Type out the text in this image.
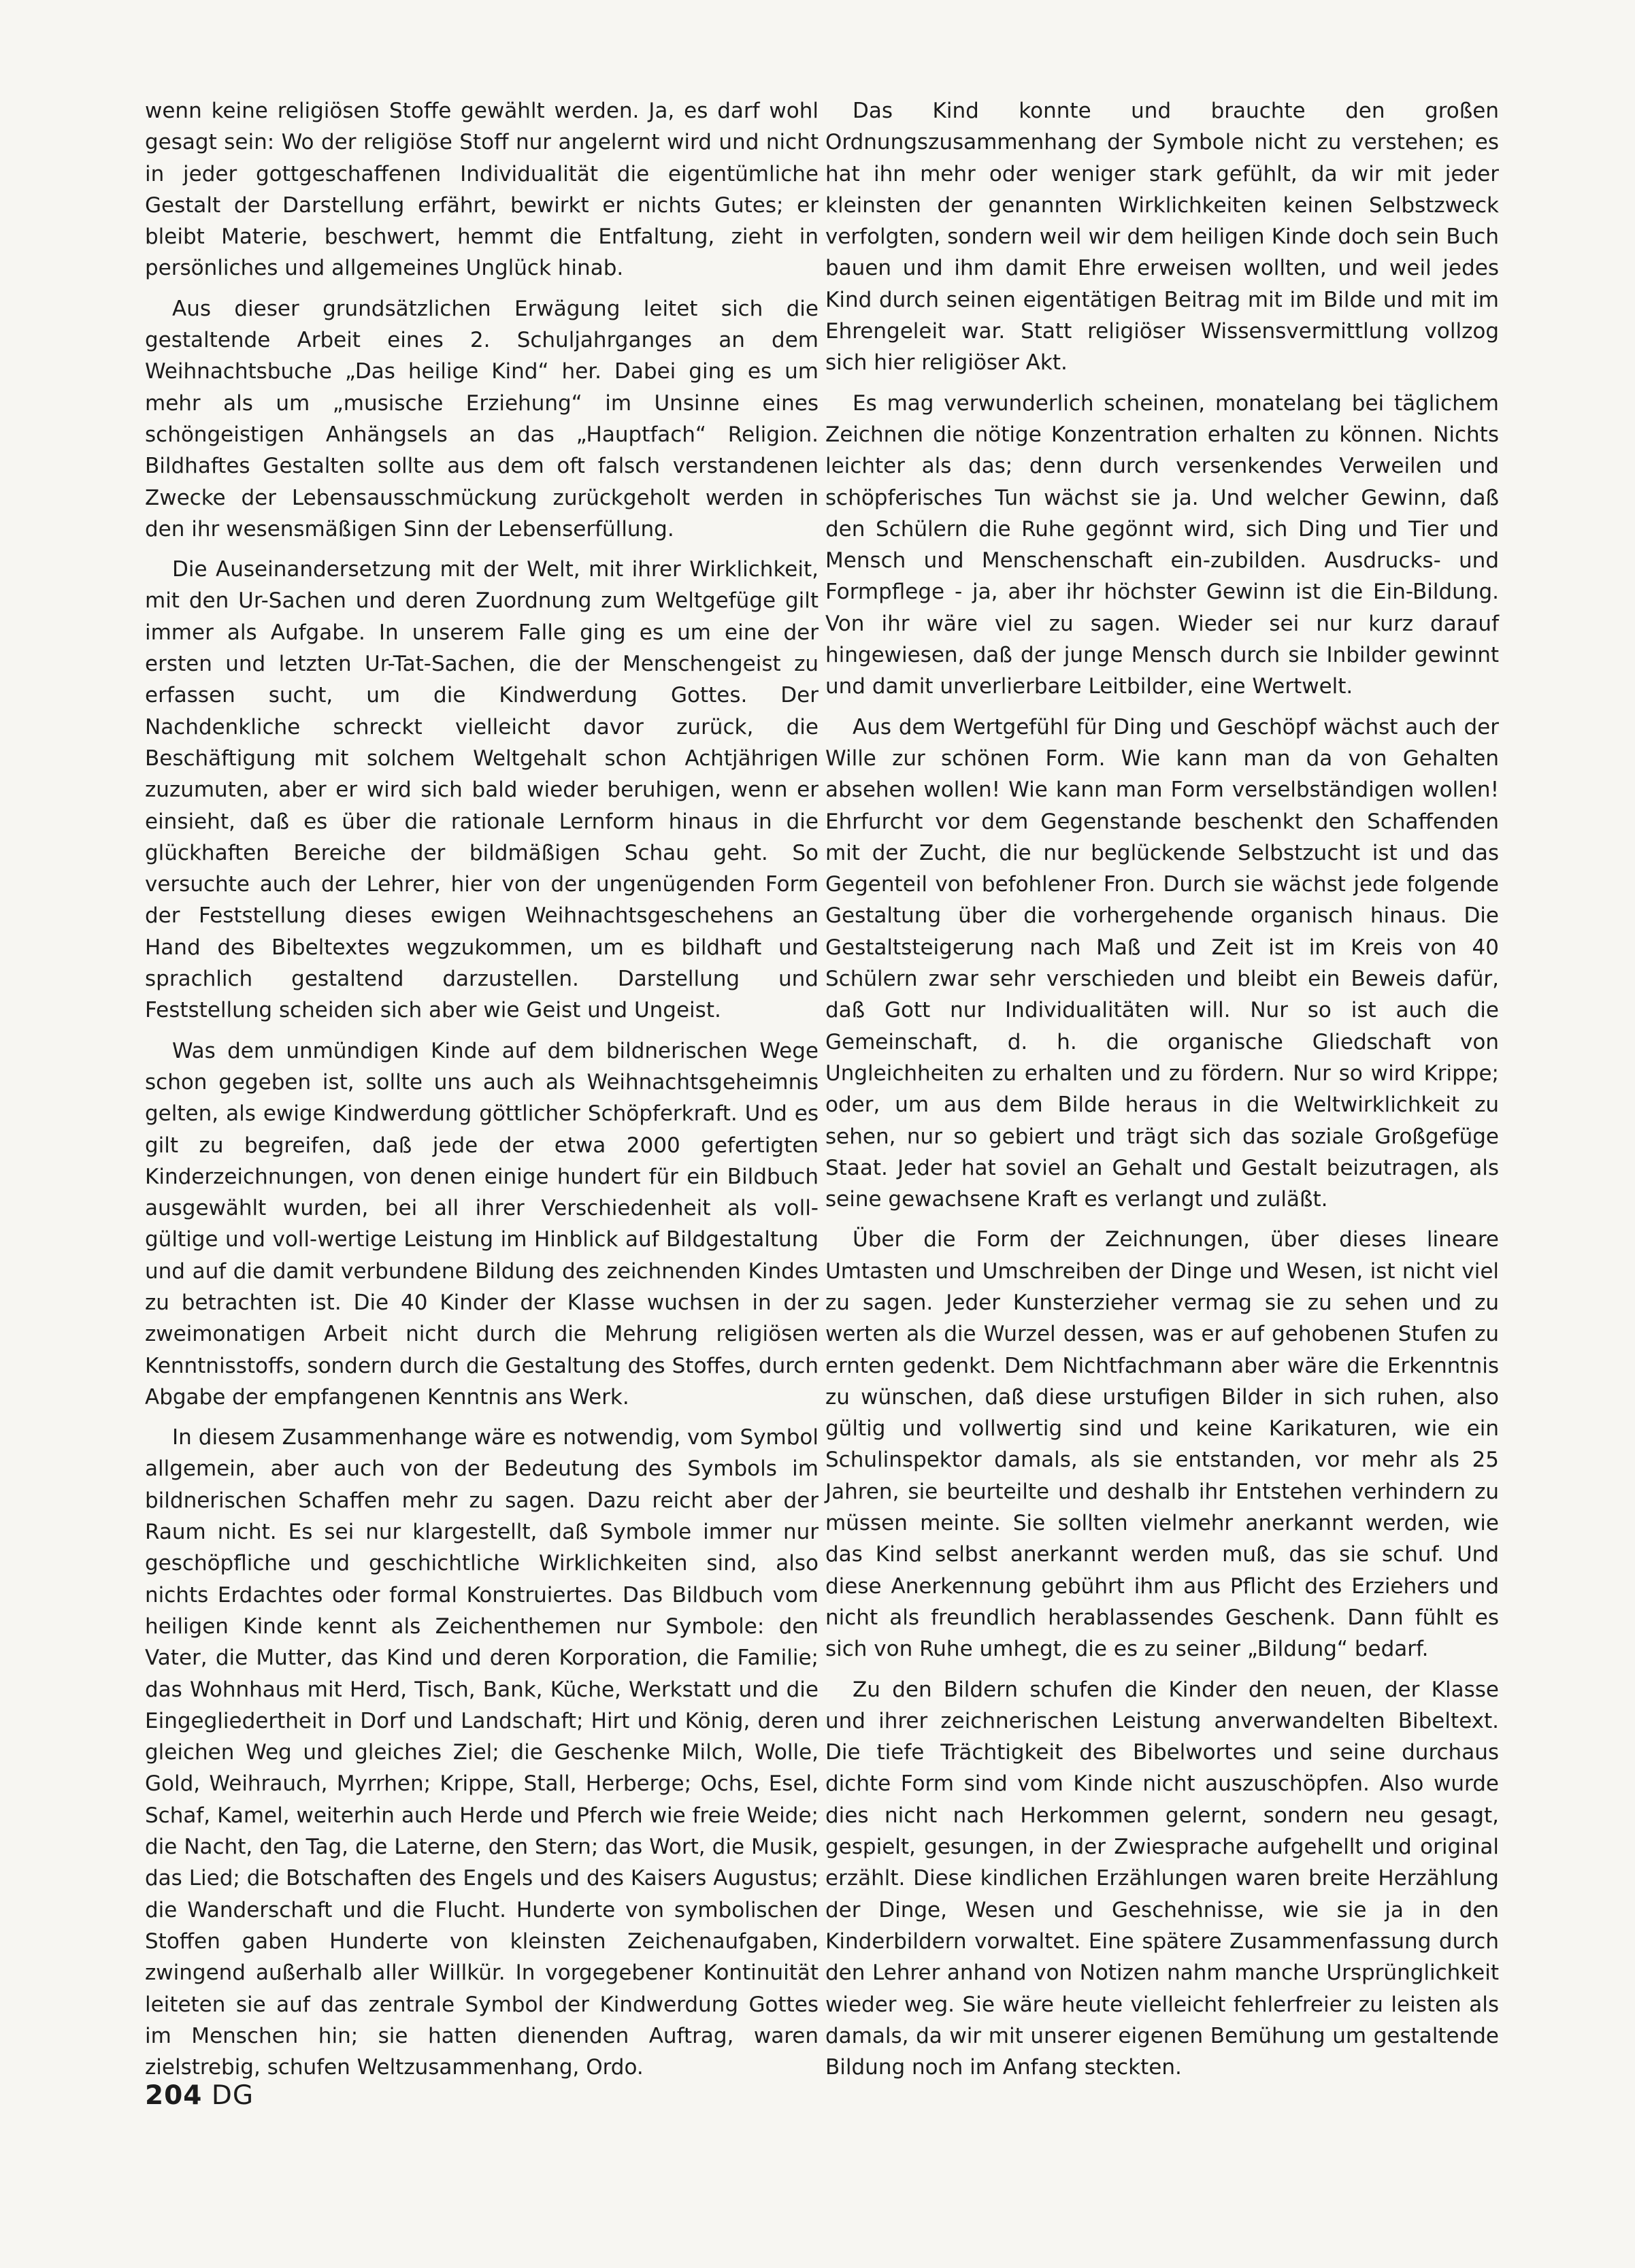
wenn keine religiösen Stoffe gewählt werden. Ja, es darf wohl gesagt sein: Wo der religiöse Stoff nur angelernt wird und nicht in jeder gottgeschaffenen Individualität die eigentümliche Gestalt der Darstellung erfährt, bewirkt er nichts Gutes; er bleibt Materie, beschwert, hemmt die Entfaltung, zieht in persönliches und allgemeines Unglück hinab.

Aus dieser grundsätzlichen Erwägung leitet sich die gestaltende Arbeit eines 2. Schuljahrganges an dem Weihnachtsbuche „Das heilige Kind“ her. Dabei ging es um mehr als um „musische Erziehung“ im Unsinne eines schöngeistigen Anhängsels an das „Hauptfach“ Religion. Bildhaftes Gestalten sollte aus dem oft falsch verstandenen Zwecke der Lebensausschmückung zurückgeholt werden in den ihr wesensmäßigen Sinn der Lebenserfüllung.

Die Auseinandersetzung mit der Welt, mit ihrer Wirklichkeit, mit den Ur-Sachen und deren Zuordnung zum Weltgefüge gilt immer als Aufgabe. In unserem Falle ging es um eine der ersten und letzten Ur-Tat-Sachen, die der Menschengeist zu erfassen sucht, um die Kindwerdung Gottes. Der Nachdenkliche schreckt vielleicht davor zurück, die Beschäftigung mit solchem Weltgehalt schon Achtjährigen zuzumuten, aber er wird sich bald wieder beruhigen, wenn er einsieht, daß es über die rationale Lernform hinaus in die glückhaften Bereiche der bildmäßigen Schau geht. So versuchte auch der Lehrer, hier von der ungenügenden Form der Feststellung dieses ewigen Weihnachtsgeschehens an Hand des Bibeltextes wegzukommen, um es bildhaft und sprachlich gestaltend darzustellen. Darstellung und Feststellung scheiden sich aber wie Geist und Ungeist.

Was dem unmündigen Kinde auf dem bildnerischen Wege schon gegeben ist, sollte uns auch als Weihnachtsgeheimnis gelten, als ewige Kindwerdung göttlicher Schöpferkraft. Und es gilt zu begreifen, daß jede der etwa 2000 gefertigten Kinderzeichnungen, von denen einige hundert für ein Bildbuch ausgewählt wurden, bei all ihrer Verschiedenheit als voll-gültige und voll-wertige Leistung im Hinblick auf Bildgestaltung und auf die damit verbundene Bildung des zeichnenden Kindes zu betrachten ist. Die 40 Kinder der Klasse wuchsen in der zweimonatigen Arbeit nicht durch die Mehrung religiösen Kenntnisstoffs, sondern durch die Gestaltung des Stoffes, durch Abgabe der empfangenen Kenntnis ans Werk.

In diesem Zusammenhange wäre es notwendig, vom Symbol allgemein, aber auch von der Bedeutung des Symbols im bildnerischen Schaffen mehr zu sagen. Dazu reicht aber der Raum nicht. Es sei nur klargestellt, daß Symbole immer nur geschöpfliche und geschichtliche Wirklichkeiten sind, also nichts Erdachtes oder formal Konstruiertes. Das Bildbuch vom heiligen Kinde kennt als Zeichenthemen nur Symbole: den Vater, die Mutter, das Kind und deren Korporation, die Familie; das Wohnhaus mit Herd, Tisch, Bank, Küche, Werkstatt und die Eingegliedertheit in Dorf und Landschaft; Hirt und König, deren gleichen Weg und gleiches Ziel; die Geschenke Milch, Wolle, Gold, Weihrauch, Myrrhen; Krippe, Stall, Herberge; Ochs, Esel, Schaf, Kamel, weiterhin auch Herde und Pferch wie freie Weide; die Nacht, den Tag, die Laterne, den Stern; das Wort, die Musik, das Lied; die Botschaften des Engels und des Kaisers Augustus; die Wanderschaft und die Flucht. Hunderte von symbolischen Stoffen gaben Hunderte von kleinsten Zeichenaufgaben, zwingend außerhalb aller Willkür. In vorgegebener Kontinuität leiteten sie auf das zentrale Symbol der Kindwerdung Gottes im Menschen hin; sie hatten dienenden Auftrag, waren zielstrebig, schufen Weltzusammenhang, Ordo.

Das Kind konnte und brauchte den großen Ordnungszusammenhang der Symbole nicht zu verstehen; es hat ihn mehr oder weniger stark gefühlt, da wir mit jeder kleinsten der genannten Wirklichkeiten keinen Selbstzweck verfolgten, sondern weil wir dem heiligen Kinde doch sein Buch bauen und ihm damit Ehre erweisen wollten, und weil jedes Kind durch seinen eigentätigen Beitrag mit im Bilde und mit im Ehrengeleit war. Statt religiöser Wissensvermittlung vollzog sich hier religiöser Akt.

Es mag verwunderlich scheinen, monatelang bei täglichem Zeichnen die nötige Konzentration erhalten zu können. Nichts leichter als das; denn durch versenkendes Verweilen und schöpferisches Tun wächst sie ja. Und welcher Gewinn, daß den Schülern die Ruhe gegönnt wird, sich Ding und Tier und Mensch und Menschenschaft ein-zubilden. Ausdrucks- und Formpflege - ja, aber ihr höchster Gewinn ist die Ein-Bildung. Von ihr wäre viel zu sagen. Wieder sei nur kurz darauf hingewiesen, daß der junge Mensch durch sie Inbilder gewinnt und damit unverlierbare Leitbilder, eine Wertwelt.

Aus dem Wertgefühl für Ding und Geschöpf wächst auch der Wille zur schönen Form. Wie kann man da von Gehalten absehen wollen! Wie kann man Form verselbständigen wollen! Ehrfurcht vor dem Gegenstande beschenkt den Schaffenden mit der Zucht, die nur beglückende Selbstzucht ist und das Gegenteil von befohlener Fron. Durch sie wächst jede folgende Gestaltung über die vorhergehende organisch hinaus. Die Gestaltsteigerung nach Maß und Zeit ist im Kreis von 40 Schülern zwar sehr verschieden und bleibt ein Beweis dafür, daß Gott nur Individualitäten will. Nur so ist auch die Gemeinschaft, d. h. die organische Gliedschaft von Ungleichheiten zu erhalten und zu fördern. Nur so wird Krippe; oder, um aus dem Bilde heraus in die Weltwirklichkeit zu sehen, nur so gebiert und trägt sich das soziale Großgefüge Staat. Jeder hat soviel an Gehalt und Gestalt beizutragen, als seine gewachsene Kraft es verlangt und zuläßt.

Über die Form der Zeichnungen, über dieses lineare Umtasten und Umschreiben der Dinge und Wesen, ist nicht viel zu sagen. Jeder Kunsterzieher vermag sie zu sehen und zu werten als die Wurzel dessen, was er auf gehobenen Stufen zu ernten gedenkt. Dem Nichtfachmann aber wäre die Erkenntnis zu wünschen, daß diese urstufigen Bilder in sich ruhen, also gültig und vollwertig sind und keine Karikaturen, wie ein Schulinspektor damals, als sie entstanden, vor mehr als 25 Jahren, sie beurteilte und deshalb ihr Entstehen verhindern zu müssen meinte. Sie sollten vielmehr anerkannt werden, wie das Kind selbst anerkannt werden muß, das sie schuf. Und diese Anerkennung gebührt ihm aus Pflicht des Erziehers und nicht als freundlich herablassendes Geschenk. Dann fühlt es sich von Ruhe umhegt, die es zu seiner „Bildung“ bedarf.

Zu den Bildern schufen die Kinder den neuen, der Klasse und ihrer zeichnerischen Leistung anverwandelten Bibeltext. Die tiefe Trächtigkeit des Bibelwortes und seine durchaus dichte Form sind vom Kinde nicht auszuschöpfen. Also wurde dies nicht nach Herkommen gelernt, sondern neu gesagt, gespielt, gesungen, in der Zwiesprache aufgehellt und original erzählt. Diese kindlichen Erzählungen waren breite Herzählung der Dinge, Wesen und Geschehnisse, wie sie ja in den Kinderbildern vorwaltet. Eine spätere Zusammenfassung durch den Lehrer anhand von Notizen nahm manche Ursprünglichkeit wieder weg. Sie wäre heute vielleicht fehlerfreier zu leisten als damals, da wir mit unserer eigenen Bemühung um gestaltende Bildung noch im Anfang steckten.

204 DG
